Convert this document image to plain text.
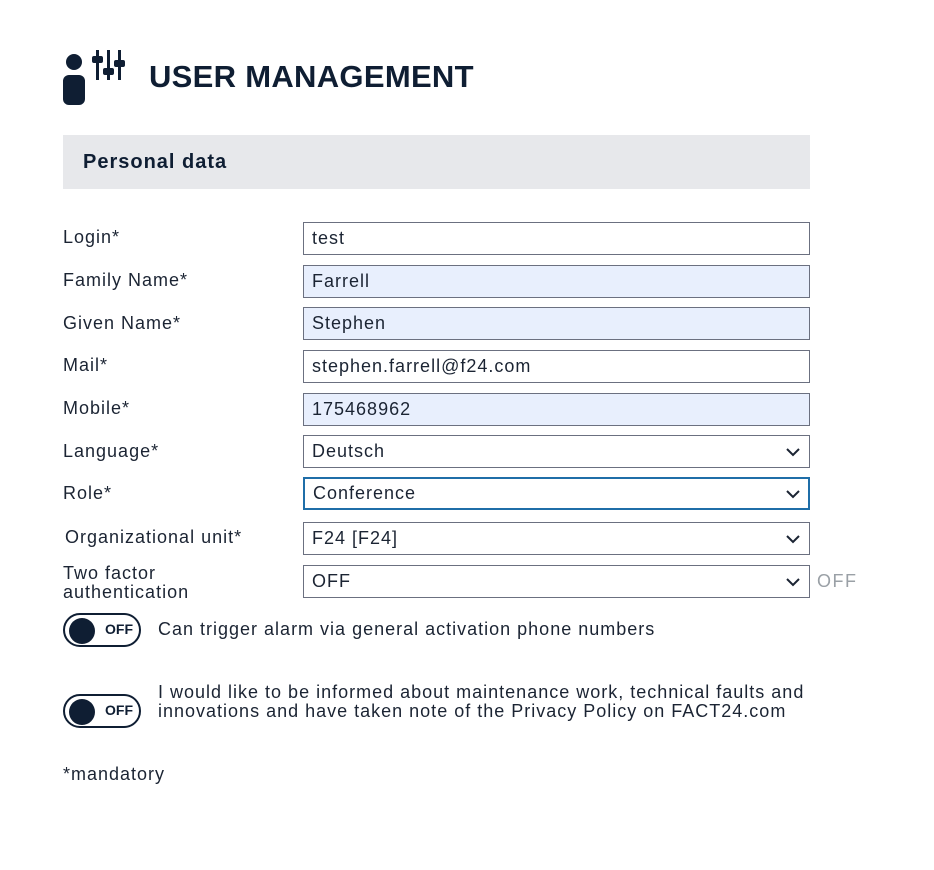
USER MANAGEMENT
Personal data
Login*	test
Family Name*	Farrell
Given Name*	Stephen
Mail*	stephen.farrell@f24.com
Mobile*	175468962
Language*	Deutsch
Role*	Conference
Organizational unit*	F24 [F24]
Two factor
authentication
OFF	OFF
OFF Can trigger alarm via general activation phone numbers
OFF
I would like to be informed about maintenance work, technical faults and innovations and have taken note of the Privacy Policy on FACT24.com
*mandatory
